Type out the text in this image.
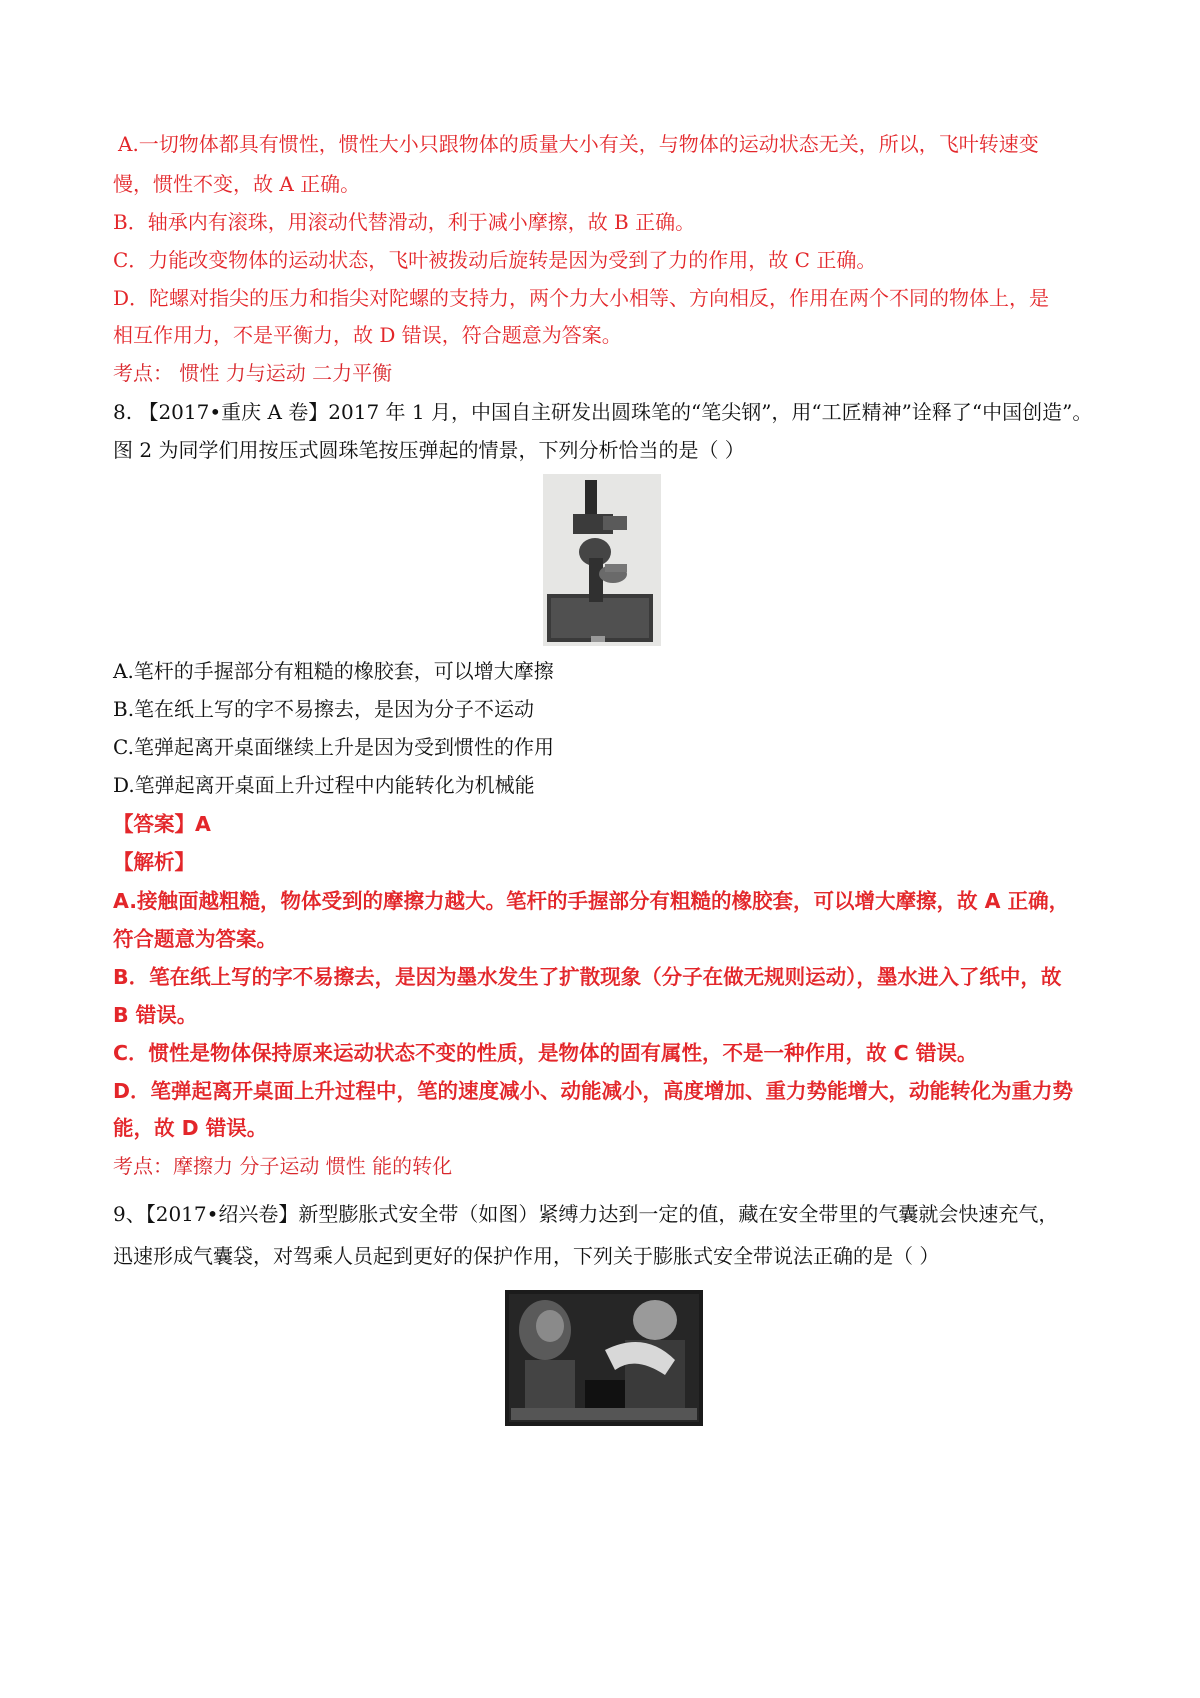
A.一切物体都具有惯性，惯性大小只跟物体的质量大小有关，与物体的运动状态无关，所以，飞叶转速变
慢，惯性不变，故 A 正确。
B．轴承内有滚珠，用滚动代替滑动，利于减小摩擦，故 B 正确。
C．力能改变物体的运动状态，飞叶被拨动后旋转是因为受到了力的作用，故 C 正确。
D．陀螺对指尖的压力和指尖对陀螺的支持力，两个力大小相等、方向相反，作用在两个不同的物体上，是
相互作用力，不是平衡力，故 D 错误，符合题意为答案。
考点： 惯性 力与运动 二力平衡
8. 【2017•重庆 A 卷】2017 年 1 月，中国自主研发出圆珠笔的“笔尖钢”，用“工匠精神”诠释了“中国创造”。
图 2 为同学们用按压式圆珠笔按压弹起的情景，下列分析恰当的是（ ）
A.笔杆的手握部分有粗糙的橡胶套，可以增大摩擦
B.笔在纸上写的字不易擦去，是因为分子不运动
C.笔弹起离开桌面继续上升是因为受到惯性的作用
D.笔弹起离开桌面上升过程中内能转化为机械能
【答案】A
【解析】
A.接触面越粗糙，物体受到的摩擦力越大。笔杆的手握部分有粗糙的橡胶套，可以增大摩擦，故 A 正确，
符合题意为答案。
B．笔在纸上写的字不易擦去，是因为墨水发生了扩散现象（分子在做无规则运动），墨水进入了纸中，故
B 错误。
C．惯性是物体保持原来运动状态不变的性质，是物体的固有属性，不是一种作用，故 C 错误。
D．笔弹起离开桌面上升过程中，笔的速度减小、动能减小，高度增加、重力势能增大，动能转化为重力势
能，故 D 错误。
考点：摩擦力 分子运动 惯性 能的转化
9、【2017•绍兴卷】新型膨胀式安全带（如图）紧缚力达到一定的值，藏在安全带里的气囊就会快速充气，
迅速形成气囊袋，对驾乘人员起到更好的保护作用，下列关于膨胀式安全带说法正确的是（ ）
